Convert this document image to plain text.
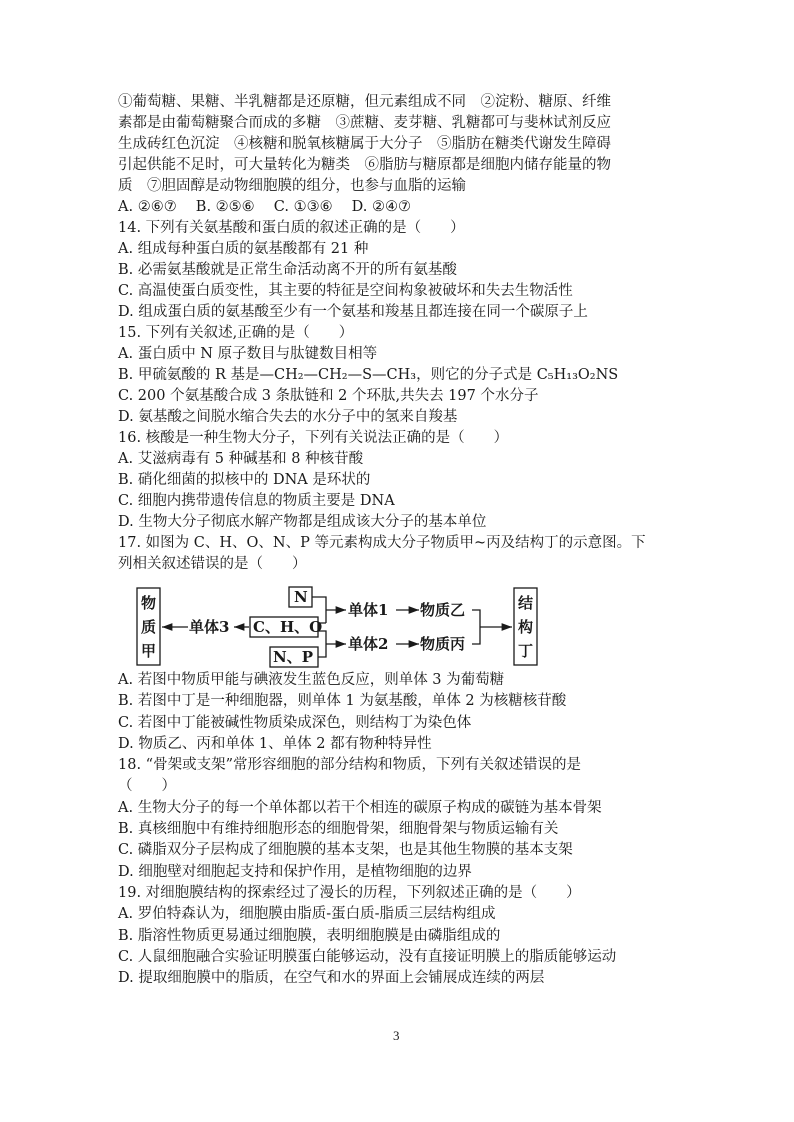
①葡萄糖、果糖、半乳糖都是还原糖，但元素组成不同　②淀粉、糖原、纤维
素都是由葡萄糖聚合而成的多糖　③蔗糖、麦芽糖、乳糖都可与斐林试剂反应
生成砖红色沉淀　④核糖和脱氧核糖属于大分子　⑤脂肪在糖类代谢发生障碍
引起供能不足时，可大量转化为糖类　⑥脂肪与糖原都是细胞内储存能量的物
质　⑦胆固醇是动物细胞膜的组分，也参与血脂的运输
A. ②⑥⑦　 B. ②⑤⑥　 C. ①③⑥　 D. ②④⑦
14. 下列有关氨基酸和蛋白质的叙述正确的是（　　）
A. 组成每种蛋白质的氨基酸都有 21 种
B. 必需氨基酸就是正常生命活动离不开的所有氨基酸
C. 高温使蛋白质变性，其主要的特征是空间构象被破坏和失去生物活性
D. 组成蛋白质的氨基酸至少有一个氨基和羧基且都连接在同一个碳原子上
15. 下列有关叙述,正确的是（　　）
A. 蛋白质中 N 原子数目与肽键数目相等
B. 甲硫氨酸的 R 基是—CH₂—CH₂—S—CH₃，则它的分子式是 C₅H₁₃O₂NS
C. 200 个氨基酸合成 3 条肽链和 2 个环肽,共失去 197 个水分子
D. 氨基酸之间脱水缩合失去的水分子中的氢来自羧基
16. 核酸是一种生物大分子，下列有关说法正确的是（　　）
A. 艾滋病毒有 5 种碱基和 8 种核苷酸
B. 硝化细菌的拟核中的 DNA 是环状的
C. 细胞内携带遗传信息的物质主要是 DNA
D. 生物大分子彻底水解产物都是组成该大分子的基本单位
17. 如图为 C、H、O、N、P 等元素构成大分子物质甲~丙及结构丁的示意图。下
列相关叙述错误的是（　　）
物
质
甲
结
构
丁
单体3 C、H、O
N
N、P
单体1
单体2
物质乙
物质丙
A. 若图中物质甲能与碘液发生蓝色反应，则单体 3 为葡萄糖
B. 若图中丁是一种细胞器，则单体 1 为氨基酸，单体 2 为核糖核苷酸
C. 若图中丁能被碱性物质染成深色，则结构丁为染色体
D. 物质乙、丙和单体 1、单体 2 都有物种特异性
18. “骨架或支架”常形容细胞的部分结构和物质，下列有关叙述错误的是
（　　）
A. 生物大分子的每一个单体都以若干个相连的碳原子构成的碳链为基本骨架
B. 真核细胞中有维持细胞形态的细胞骨架，细胞骨架与物质运输有关
C. 磷脂双分子层构成了细胞膜的基本支架，也是其他生物膜的基本支架
D. 细胞壁对细胞起支持和保护作用，是植物细胞的边界
19. 对细胞膜结构的探索经过了漫长的历程，下列叙述正确的是（　　）
A. 罗伯特森认为，细胞膜由脂质-蛋白质-脂质三层结构组成
B. 脂溶性物质更易通过细胞膜，表明细胞膜是由磷脂组成的
C. 人鼠细胞融合实验证明膜蛋白能够运动，没有直接证明膜上的脂质能够运动
D. 提取细胞膜中的脂质，在空气和水的界面上会铺展成连续的两层
3
